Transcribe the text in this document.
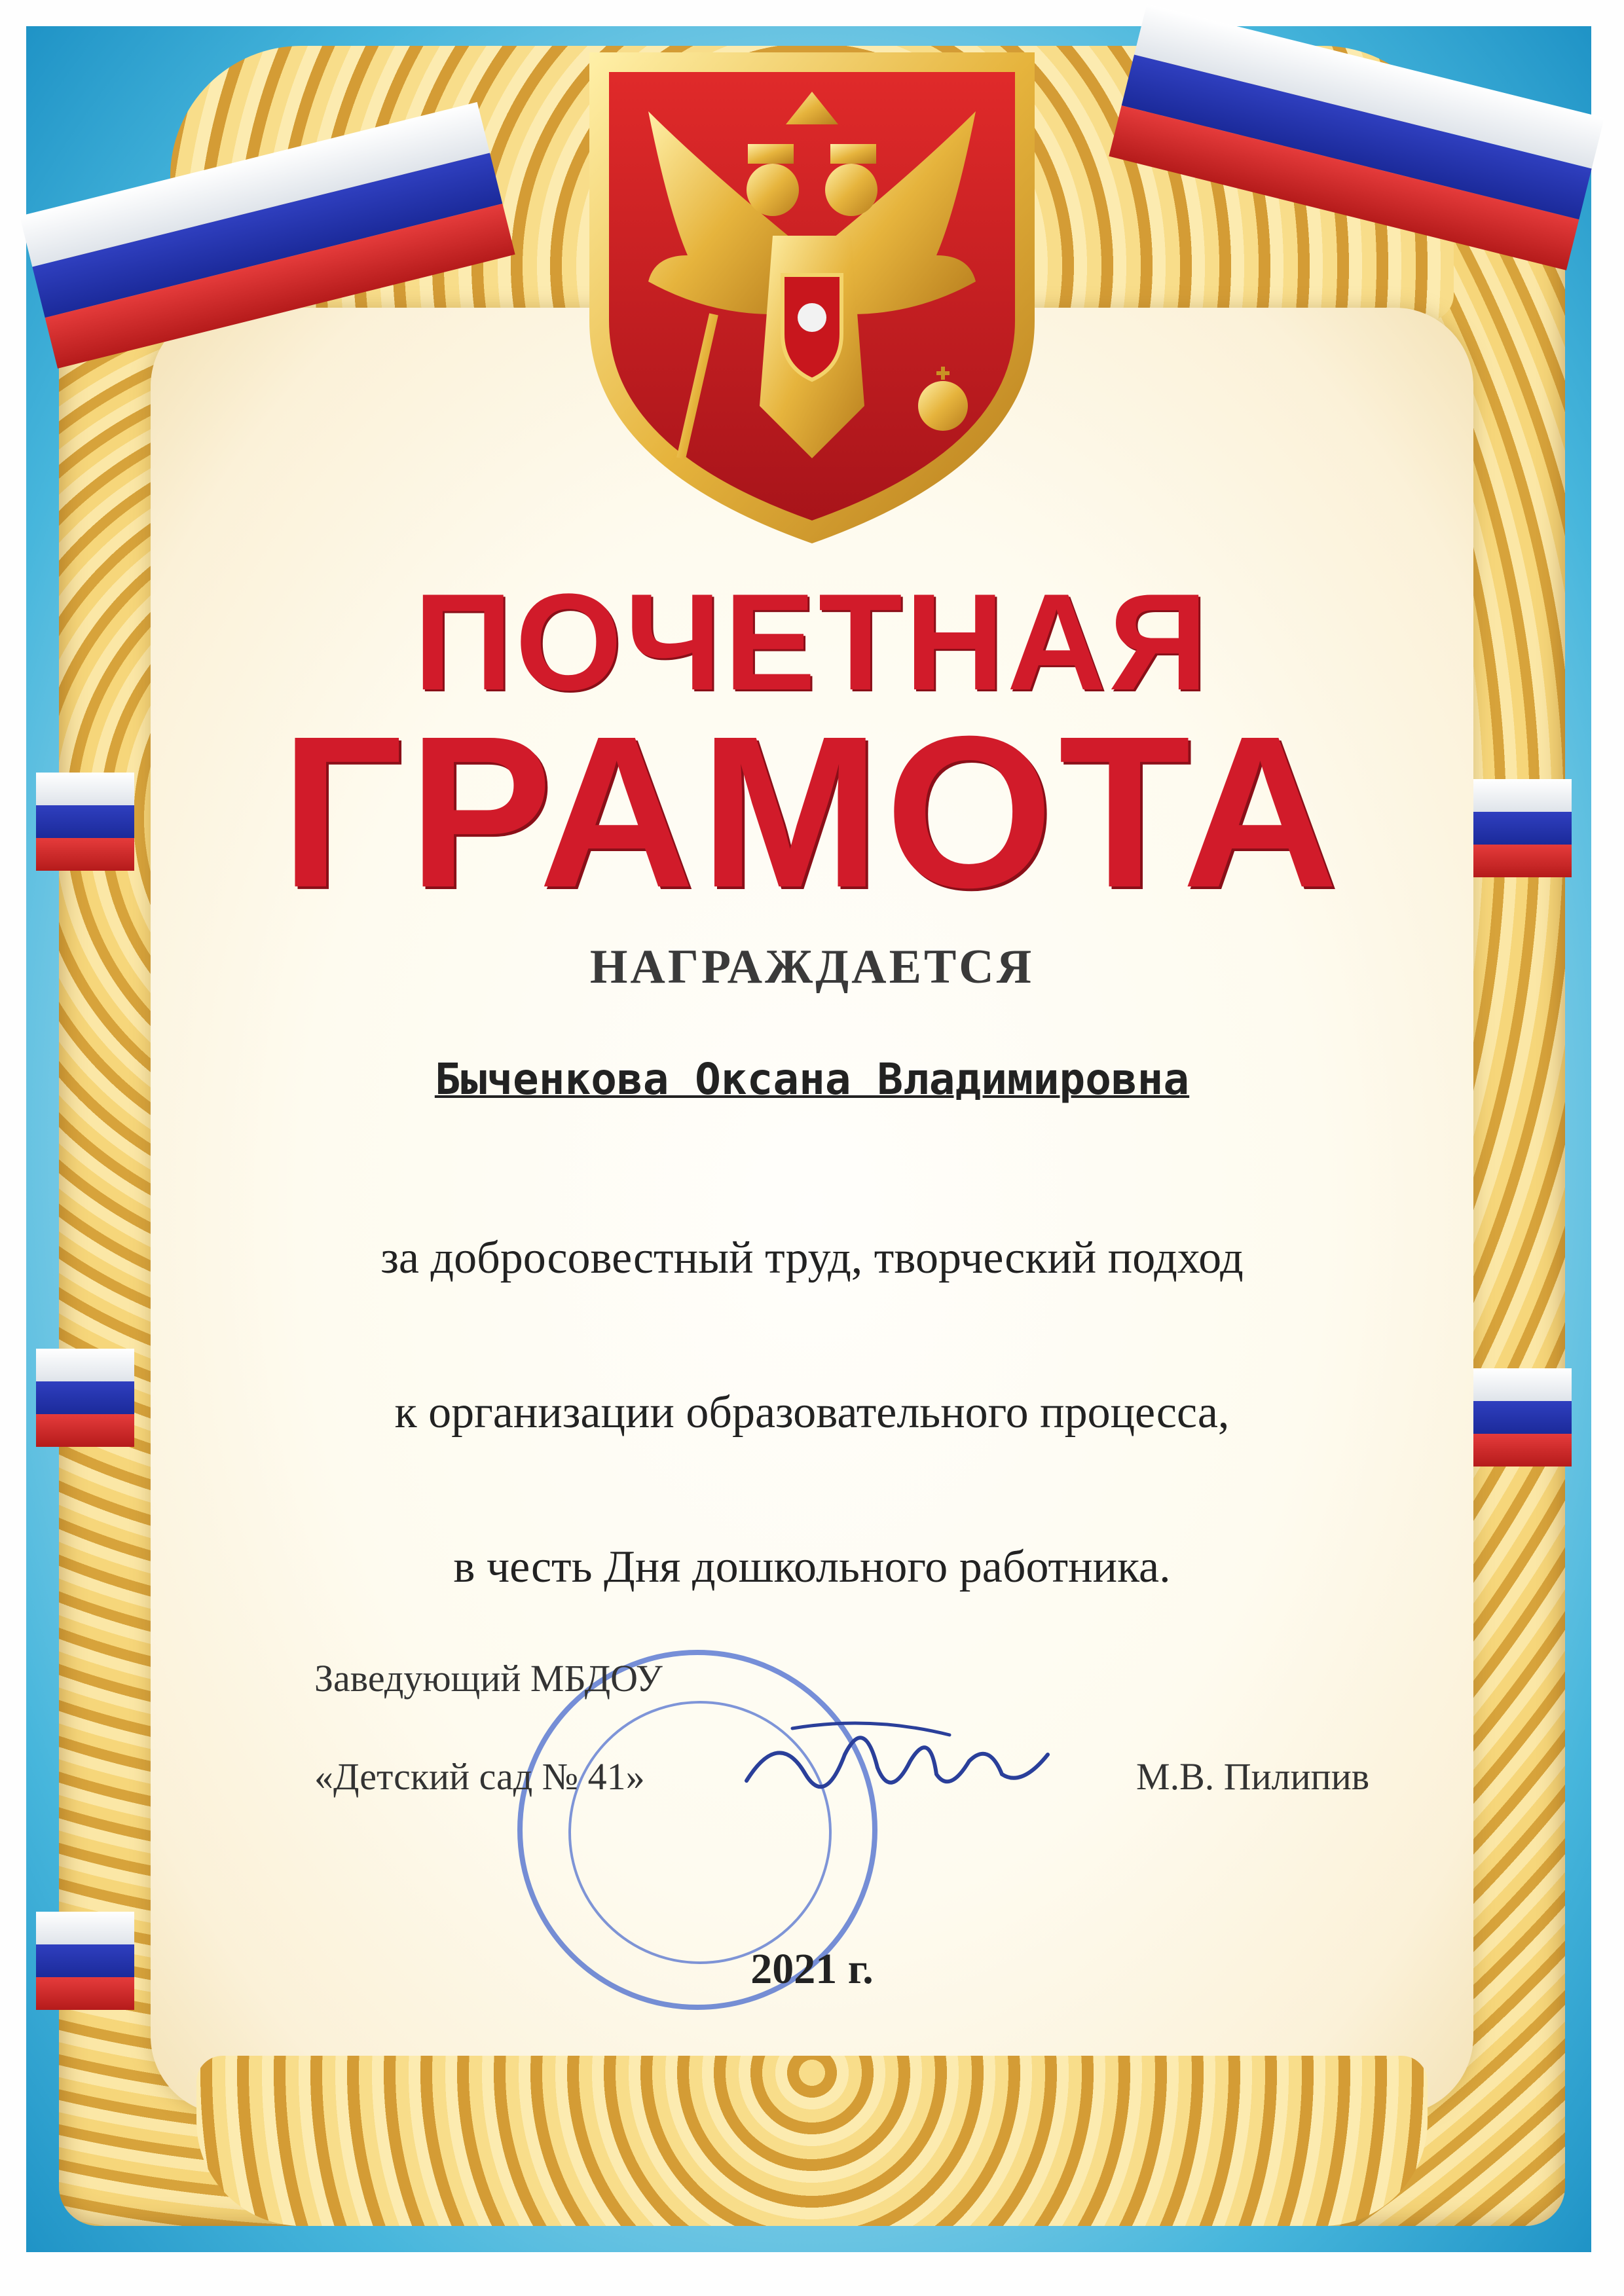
ПОЧЕТНАЯ
ГРАМОТА
НАГРАЖДАЕТСЯ
Быченкова Оксана Владимировна

за добросовестный труд, творческий подход

к организации образовательного процесса,

в честь Дня дошкольного работника.

Заведующий МБДОУ
«Детский сад № 41»	М.В. Пилипив
2021 г.
